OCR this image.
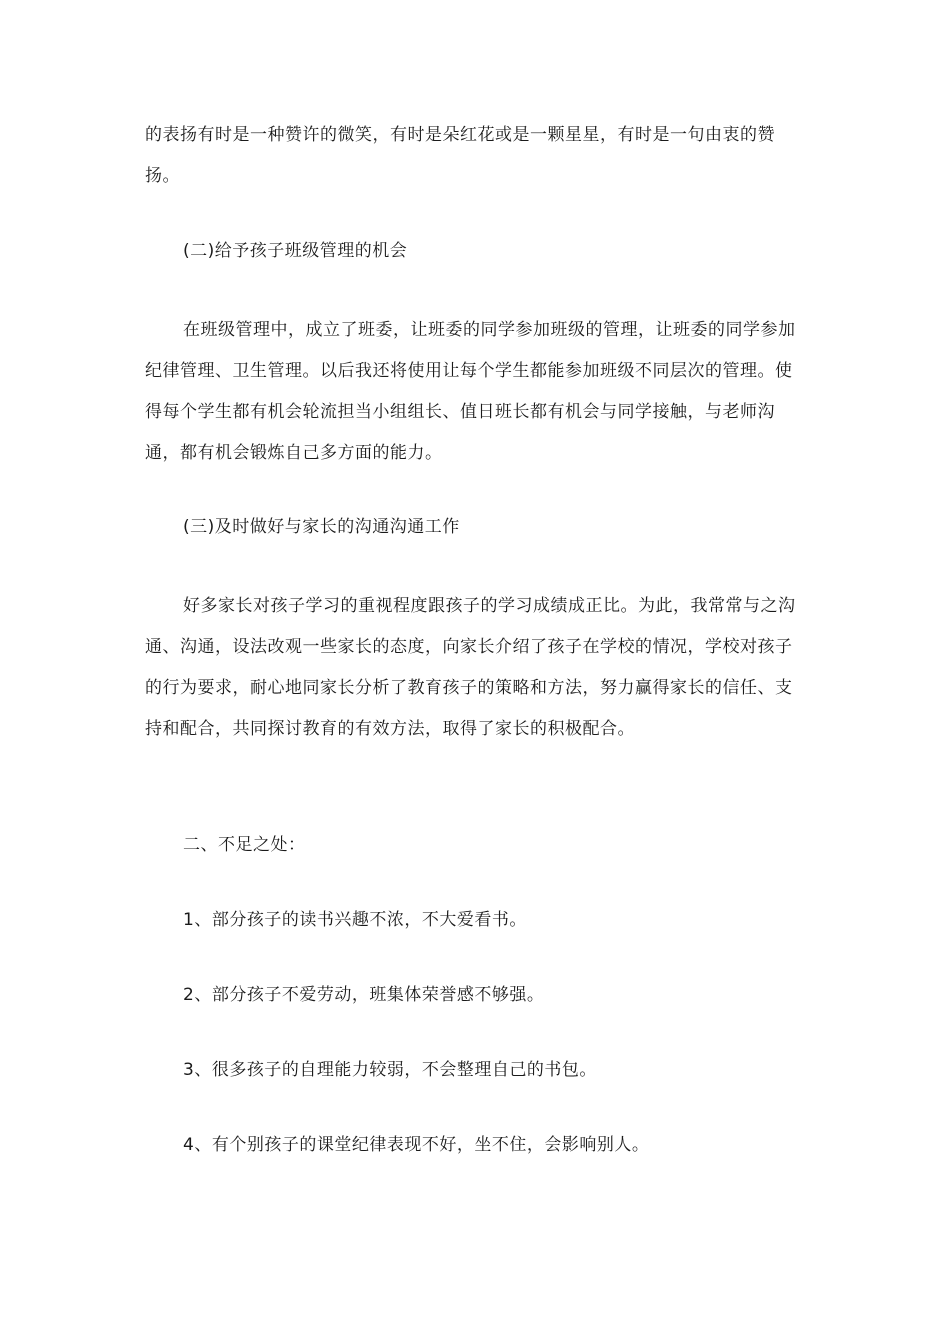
的表扬有时是一种赞许的微笑，有时是朵红花或是一颗星星，有时是一句由衷的赞扬。

(二)给予孩子班级管理的机会

在班级管理中，成立了班委，让班委的同学参加班级的管理，让班委的同学参加纪律管理、卫生管理。以后我还将使用让每个学生都能参加班级不同层次的管理。使得每个学生都有机会轮流担当小组组长、值日班长都有机会与同学接触，与老师沟通，都有机会锻炼自己多方面的能力。

(三)及时做好与家长的沟通沟通工作

好多家长对孩子学习的重视程度跟孩子的学习成绩成正比。为此，我常常与之沟通、沟通，设法改观一些家长的态度，向家长介绍了孩子在学校的情况，学校对孩子的行为要求，耐心地同家长分析了教育孩子的策略和方法，努力赢得家长的信任、支持和配合，共同探讨教育的有效方法，取得了家长的积极配合。

二、不足之处：

1、部分孩子的读书兴趣不浓，不大爱看书。

2、部分孩子不爱劳动，班集体荣誉感不够强。

3、很多孩子的自理能力较弱，不会整理自己的书包。

4、有个别孩子的课堂纪律表现不好，坐不住，会影响别人。
